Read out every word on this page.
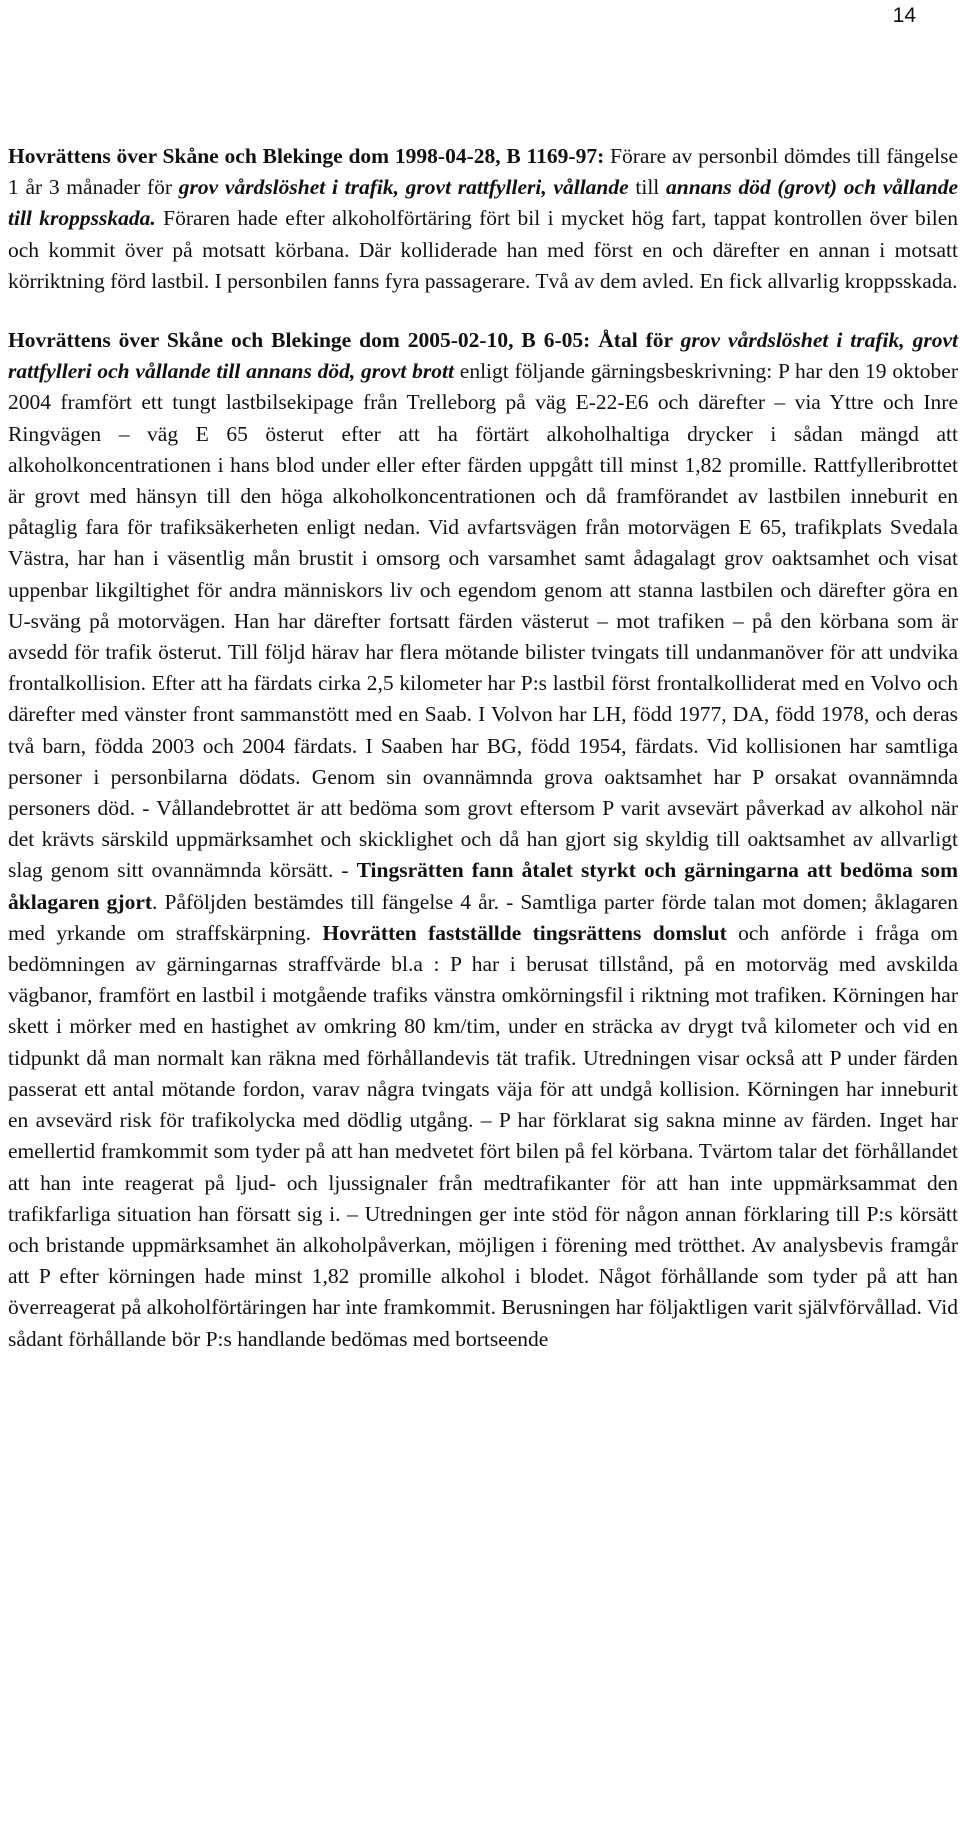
14

Hovrättens över Skåne och Blekinge dom 1998-04-28, B 1169-97: Förare av personbil dömdes till fängelse 1 år 3 månader för grov vårdslöshet i trafik, grovt rattfylleri, vållande till annans död (grovt) och vållande till kroppsskada. Föraren hade efter alkoholförtäring fört bil i mycket hög fart, tappat kontrollen över bilen och kommit över på motsatt körbana. Där kolliderade han med först en och därefter en annan i motsatt körriktning förd lastbil. I personbilen fanns fyra passagerare. Två av dem avled. En fick allvarlig kroppsskada.

Hovrättens över Skåne och Blekinge dom 2005-02-10, B 6-05: Åtal för grov vårdslöshet i trafik, grovt rattfylleri och vållande till annans död, grovt brott enligt följande gärningsbeskrivning: P har den 19 oktober 2004 framfört ett tungt lastbilsekipage från Trelleborg på väg E-22-E6 och därefter – via Yttre och Inre Ringvägen – väg E 65 österut efter att ha förtärt alkoholhaltiga drycker i sådan mängd att alkoholkoncentrationen i hans blod under eller efter färden uppgått till minst 1,82 promille. Rattfylleribrottet är grovt med hänsyn till den höga alkoholkoncentrationen och då framförandet av lastbilen inneburit en påtaglig fara för trafiksäkerheten enligt nedan. Vid avfartsvägen från motorvägen E 65, trafikplats Svedala Västra, har han i väsentlig mån brustit i omsorg och varsamhet samt ådagalagt grov oaktsamhet och visat uppenbar likgiltighet för andra människors liv och egendom genom att stanna lastbilen och därefter göra en U-sväng på motorvägen. Han har därefter fortsatt färden västerut – mot trafiken – på den körbana som är avsedd för trafik österut. Till följd härav har flera mötande bilister tvingats till undanmanöver för att undvika frontalkollision. Efter att ha färdats cirka 2,5 kilometer har P:s lastbil först frontalkolliderat med en Volvo och därefter med vänster front sammanstött med en Saab. I Volvon har LH, född 1977, DA, född 1978, och deras två barn, födda 2003 och 2004 färdats. I Saaben har BG, född 1954, färdats. Vid kollisionen har samtliga personer i personbilarna dödats. Genom sin ovannämnda grova oaktsamhet har P orsakat ovannämnda personers död. - Vållandebrottet är att bedöma som grovt eftersom P varit avsevärt påverkad av alkohol när det krävts särskild uppmärksamhet och skicklighet och då han gjort sig skyldig till oaktsamhet av allvarligt slag genom sitt ovannämnda körsätt. - Tingsrätten fann åtalet styrkt och gärningarna att bedöma som åklagaren gjort. Påföljden bestämdes till fängelse 4 år. - Samtliga parter förde talan mot domen; åklagaren med yrkande om straffskärpning. Hovrätten fastställde tingsrättens domslut och anförde i fråga om bedömningen av gärningarnas straffvärde bl.a : P har i berusat tillstånd, på en motorväg med avskilda vägbanor, framfört en lastbil i motgående trafiks vänstra omkörningsfil i riktning mot trafiken. Körningen har skett i mörker med en hastighet av omkring 80 km/tim, under en sträcka av drygt två kilometer och vid en tidpunkt då man normalt kan räkna med förhållandevis tät trafik. Utredningen visar också att P under färden passerat ett antal mötande fordon, varav några tvingats väja för att undgå kollision. Körningen har inneburit en avsevärd risk för trafikolycka med dödlig utgång. – P har förklarat sig sakna minne av färden. Inget har emellertid framkommit som tyder på att han medvetet fört bilen på fel körbana. Tvärtom talar det förhållandet att han inte reagerat på ljud- och ljussignaler från medtrafikanter för att han inte uppmärksammat den trafikfarliga situation han försatt sig i. – Utredningen ger inte stöd för någon annan förklaring till P:s körsätt och bristande uppmärksamhet än alkoholpåverkan, möjligen i förening med trötthet. Av analysbevis framgår att P efter körningen hade minst 1,82 promille alkohol i blodet. Något förhållande som tyder på att han överreagerat på alkoholförtäringen har inte framkommit. Berusningen har följaktligen varit självförvållad. Vid sådant förhållande bör P:s handlande bedömas med bortseende
